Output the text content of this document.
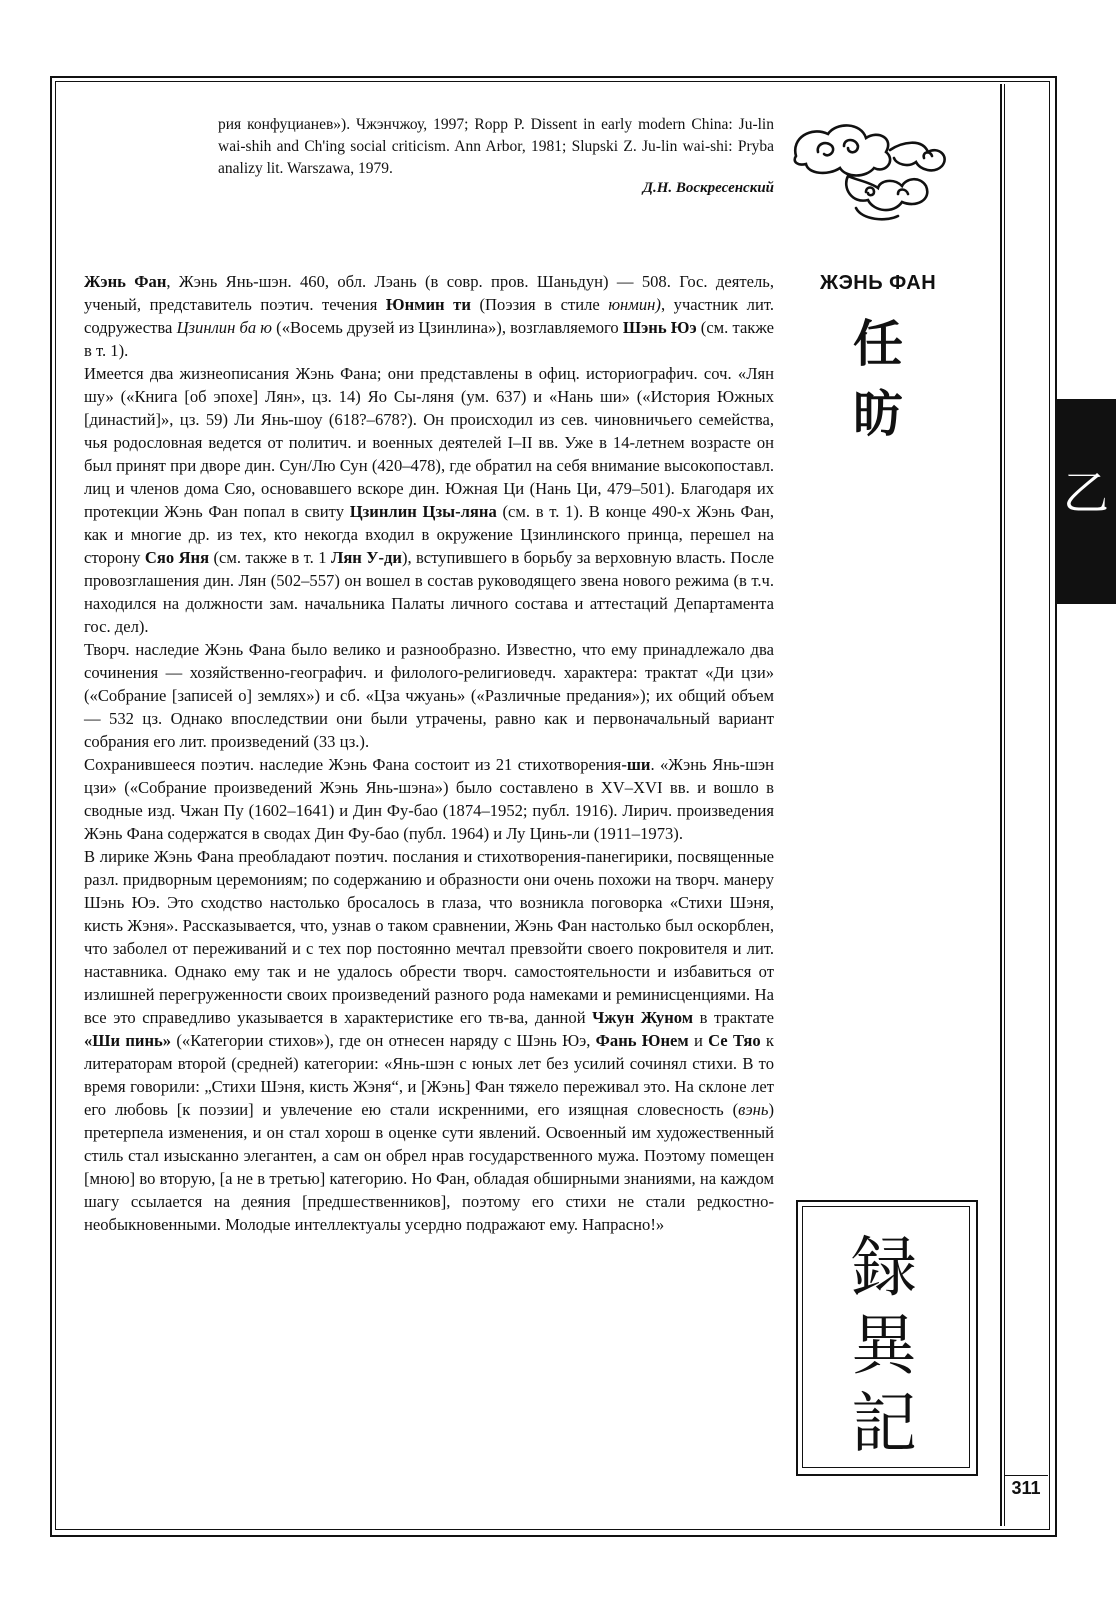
乙
рия конфуцианев»). Чжэнчжоу, 1997; Ropp P. Dissent in early modern China: Ju-lin wai-shih and Ch'ing social criticism. Ann Arbor, 1981; Slupski Z. Ju-lin wai-shi: Pryba analizy lit. Warszawa, 1979.
Д.Н. Воскресенский
ЖЭНЬ ФАН
任
昉

Жэнь Фан, Жэнь Янь-шэн. 460, обл. Лэань (в совр. пров. Шаньдун) — 508. Гос. деятель, ученый, представитель поэтич. течения Юнмин ти (Поэзия в стиле юнмин), участник лит. содружества Цзинлин ба ю («Восемь друзей из Цзинлина»), возглавляемого Шэнь Юэ (см. также в т. 1).

Имеется два жизнеописания Жэнь Фана; они представлены в офиц. историографич. соч. «Лян шу» («Книга [об эпохе] Лян», цз. 14) Яо Сы-ляня (ум. 637) и «Нань ши» («История Южных [династий]», цз. 59) Ли Янь-шоу (618?–678?). Он происходил из сев. чиновничьего семейства, чья родословная ведется от политич. и военных деятелей I–II вв. Уже в 14-летнем возрасте он был принят при дворе дин. Сун/Лю Сун (420–478), где обратил на себя внимание высокопоставл. лиц и членов дома Сяо, основавшего вскоре дин. Южная Ци (Нань Ци, 479–501). Благодаря их протекции Жэнь Фан попал в свиту Цзинлин Цзы-ляна (см. в т. 1). В конце 490-х Жэнь Фан, как и многие др. из тех, кто некогда входил в окружение Цзинлинского принца, перешел на сторону Сяо Яня (см. также в т. 1 Лян У-ди), вступившего в борьбу за верховную власть. После провозглашения дин. Лян (502–557) он вошел в состав руководящего звена нового режима (в т.ч. находился на должности зам. начальника Палаты личного состава и аттестаций Департамента гос. дел).

Творч. наследие Жэнь Фана было велико и разнообразно. Известно, что ему принадлежало два сочинения — хозяйственно-географич. и филолого-религиоведч. характера: трактат «Ди цзи» («Собрание [записей о] землях») и сб. «Цза чжуань» («Различные предания»); их общий объем — 532 цз. Однако впоследствии они были утрачены, равно как и первоначальный вариант собрания его лит. произведений (33 цз.).

Сохранившееся поэтич. наследие Жэнь Фана состоит из 21 стихотворения-ши. «Жэнь Янь-шэн цзи» («Собрание произведений Жэнь Янь-шэна») было составлено в XV–XVI вв. и вошло в сводные изд. Чжан Пу (1602–1641) и Дин Фу-бао (1874–1952; публ. 1916). Лирич. произведения Жэнь Фана содержатся в сводах Дин Фу-бао (публ. 1964) и Лу Цинь-ли (1911–1973).

В лирике Жэнь Фана преобладают поэтич. послания и стихотворения-панегирики, посвященные разл. придворным церемониям; по содержанию и образности они очень похожи на творч. манеру Шэнь Юэ. Это сходство настолько бросалось в глаза, что возникла поговорка «Стихи Шэня, кисть Жэня». Рассказывается, что, узнав о таком сравнении, Жэнь Фан настолько был оскорблен, что заболел от переживаний и с тех пор постоянно мечтал превзойти своего покровителя и лит. наставника. Однако ему так и не удалось обрести творч. самостоятельности и избавиться от излишней перегруженности своих произведений разного рода намеками и реминисценциями. На все это справедливо указывается в характеристике его тв-ва, данной Чжун Жуном в трактате «Ши пинь» («Категории стихов»), где он отнесен наряду с Шэнь Юэ, Фань Юнем и Се Тяо к литераторам второй (средней) категории: «Янь-шэн с юных лет без усилий сочинял стихи. В то время говорили: „Стихи Шэня, кисть Жэня“, и [Жэнь] Фан тяжело переживал это. На склоне лет его любовь [к поэзии] и увлечение ею стали искренними, его изящная словесность (вэнь) претерпела изменения, и он стал хорош в оценке сути явлений. Освоенный им художественный стиль стал изысканно элегантен, а сам он обрел нрав государственного мужа. Поэтому помещен [мною] во вторую, [а не в третью] категорию. Но Фан, обладая обширными знаниями, на каждом шагу ссылается на деяния [предшественников], поэтому его стихи не стали редкостно-необыкновенными. Молодые интеллектуалы усердно подражают ему. Напрасно!»

録
異
記
311
